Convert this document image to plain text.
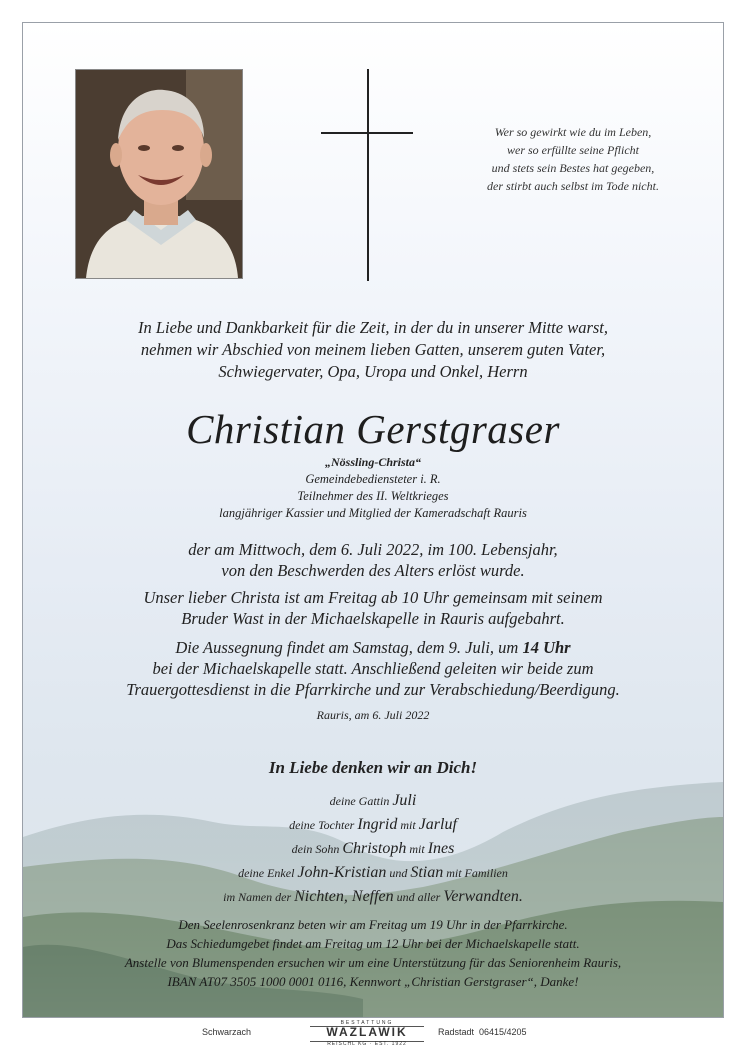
Wer so gewirkt wie du im Leben,
wer so erfüllte seine Pflicht
und stets sein Bestes hat gegeben,
der stirbt auch selbst im Tode nicht.
In Liebe und Dankbarkeit für die Zeit, in der du in unserer Mitte warst,
nehmen wir Abschied von meinem lieben Gatten, unserem guten Vater,
Schwiegervater, Opa, Uropa und Onkel, Herrn
Christian Gerstgraser
„Nössling-Christa“
Gemeindebediensteter i. R.
Teilnehmer des II. Weltkrieges
langjähriger Kassier und Mitglied der Kameradschaft Rauris
der am Mittwoch, dem 6. Juli 2022, im 100. Lebensjahr,
von den Beschwerden des Alters erlöst wurde.
Unser lieber Christa ist am Freitag ab 10 Uhr gemeinsam mit seinem
Bruder Wast in der Michaelskapelle in Rauris aufgebahrt.
Die Aussegnung findet am Samstag, dem 9. Juli, um 14 Uhr
bei der Michaelskapelle statt. Anschließend geleiten wir beide zum
Trauergottesdienst in die Pfarrkirche und zur Verabschiedung/Beerdigung.
Rauris, am 6. Juli 2022
In Liebe denken wir an Dich!
deine Gattin Juli
deine Tochter Ingrid mit Jarluf
dein Sohn Christoph mit Ines
deine Enkel John-Kristian und Stian mit Familien
im Namen der Nichten, Neffen und aller Verwandten.
Den Seelenrosenkranz beten wir am Freitag um 19 Uhr in der Pfarrkirche.
Das Schiedumgebet findet am Freitag um 12 Uhr bei der Michaelskapelle statt.
Anstelle von Blumenspenden ersuchen wir um eine Unterstützung für das Seniorenheim Rauris,
IBAN AT07 3505 1000 0001 0116, Kennwort „Christian Gerstgraser“, Danke!
Schwarzach
BESTATTUNG
WAZLAWIK
REISCHL KG · EST. 1922
Radstadt 06415/4205
